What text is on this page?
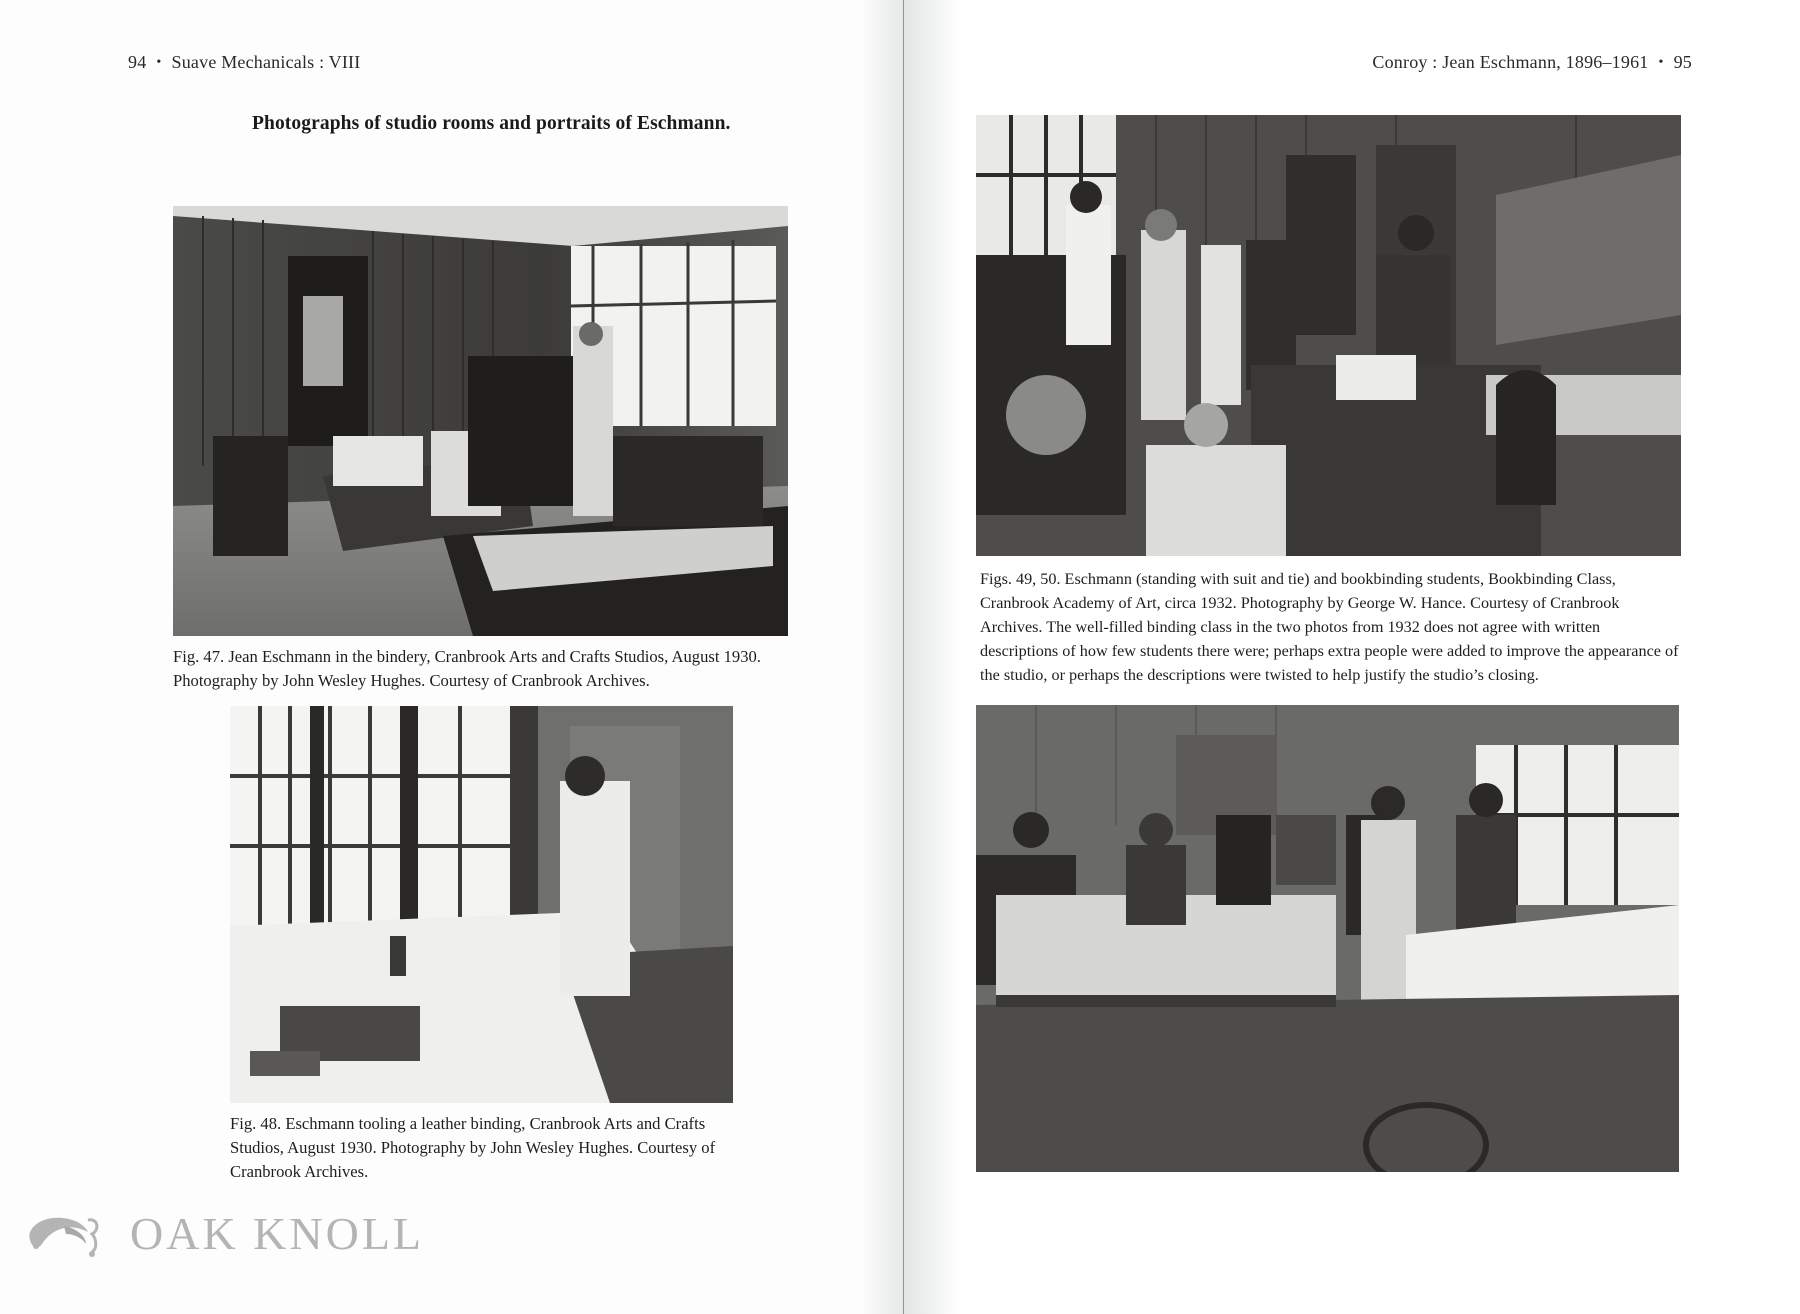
94 • Suave Mechanicals : VIII
Photographs of studio rooms and portraits of Eschmann.
Fig. 47. Jean Eschmann in the bindery, Cranbrook Arts and Crafts Studios, August 1930. Photography by John Wesley Hughes. Courtesy of Cranbrook Archives.
Fig. 48. Eschmann tooling a leather binding, Cranbrook Arts and Crafts Studios, August 1930. Photography by John Wesley Hughes. Courtesy of Cranbrook Archives.
Conroy : Jean Eschmann, 1896–1961 • 95
Figs. 49, 50. Eschmann (standing with suit and tie) and bookbinding students, Bookbinding Class, Cranbrook Academy of Art, circa 1932. Photography by George W. Hance. Courtesy of Cranbrook Archives. The well-filled binding class in the two photos from 1932 does not agree with written descriptions of how few students there were; perhaps extra people were added to improve the appearance of the studio, or perhaps the descriptions were twisted to help justify the studio’s closing.
OAK KNOLL
